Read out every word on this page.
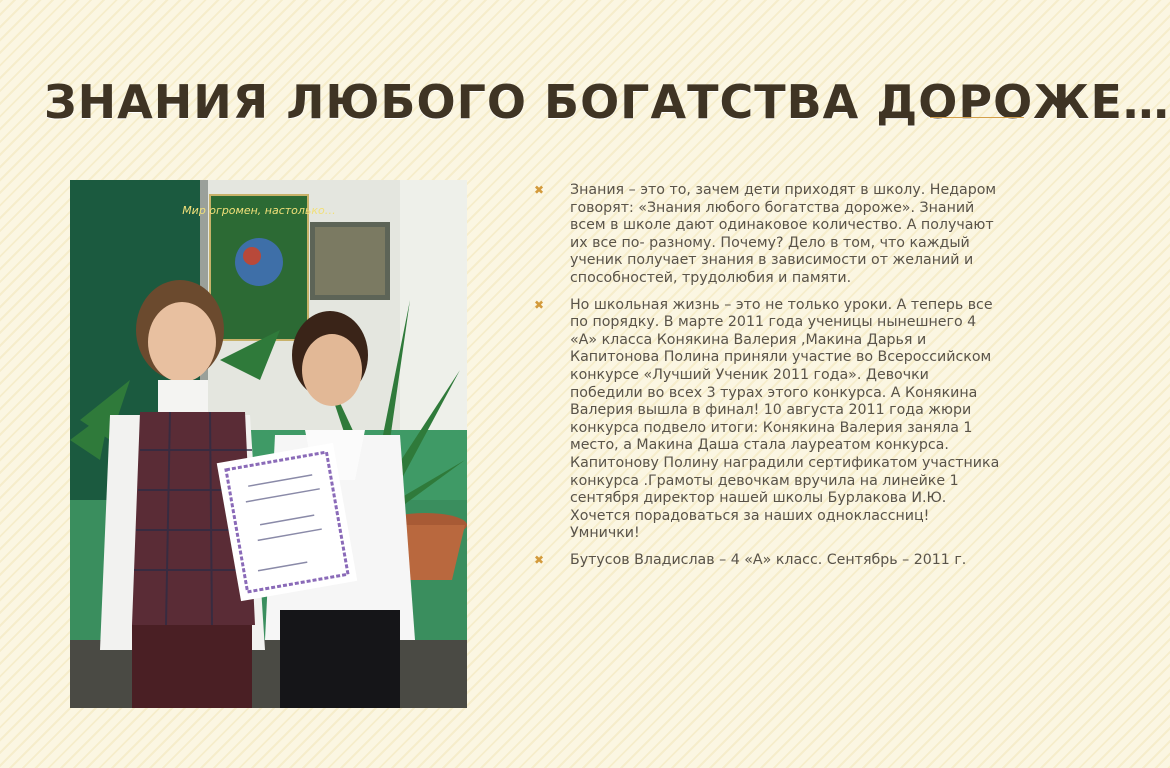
ЗНАНИЯ ЛЮБОГО БОГАТСТВА ДОРОЖЕ…
Мир огромен, настолько…
✖ Знания – это то, зачем дети приходят в школу. Недаром говорят: «Знания любого богатства дороже». Знаний всем в школе дают одинаковое количество. А получают их все по- разному. Почему? Дело в том, что каждый ученик получает знания в зависимости от желаний и способностей, трудолюбия и памяти.
✖ Но школьная жизнь – это не только уроки. А теперь все по порядку. В марте 2011 года ученицы нынешнего 4 «А» класса Конякина Валерия ,Макина Дарья и Капитонова Полина приняли участие во Всероссийском конкурсе «Лучший Ученик 2011 года». Девочки победили во всех 3 турах этого конкурса. А Конякина Валерия вышла в финал! 10 августа 2011 года жюри конкурса подвело итоги: Конякина Валерия заняла 1 место, а Макина Даша стала лауреатом конкурса. Капитонову Полину наградили сертификатом участника конкурса .Грамоты девочкам вручила на линейке 1 сентября директор нашей школы Бурлакова И.Ю. Хочется порадоваться за наших одноклассниц! Умнички!
✖ Бутусов Владислав – 4 «А» класс. Сентябрь – 2011 г.
